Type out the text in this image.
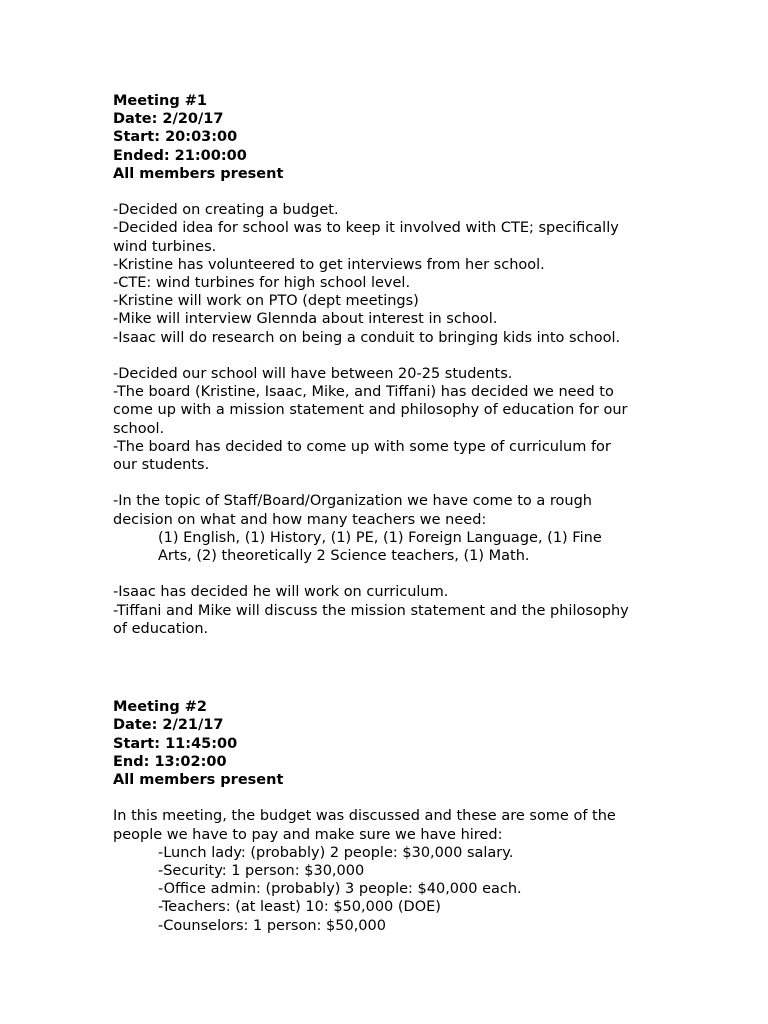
Meeting #1
Date: 2/20/17
Start: 20:03:00
Ended: 21:00:00
All members present
-Decided on creating a budget.
-Decided idea for school was to keep it involved with CTE; specifically
wind turbines.
-Kristine has volunteered to get interviews from her school.
-CTE: wind turbines for high school level.
-Kristine will work on PTO (dept meetings)
-Mike will interview Glennda about interest in school.
-Isaac will do research on being a conduit to bringing kids into school.
-Decided our school will have between 20-25 students.
-The board (Kristine, Isaac, Mike, and Tiffani) has decided we need to
come up with a mission statement and philosophy of education for our
school.
-The board has decided to come up with some type of curriculum for
our students.
-In the topic of Staff/Board/Organization we have come to a rough
decision on what and how many teachers we need:
(1) English, (1) History, (1) PE, (1) Foreign Language, (1) Fine
Arts, (2) theoretically 2 Science teachers, (1) Math.
-Isaac has decided he will work on curriculum.
-Tiffani and Mike will discuss the mission statement and the philosophy
of education.
Meeting #2
Date: 2/21/17
Start: 11:45:00
End: 13:02:00
All members present
In this meeting, the budget was discussed and these are some of the
people we have to pay and make sure we have hired:
-Lunch lady: (probably) 2 people: $30,000 salary.
-Security: 1 person: $30,000
-Office admin: (probably) 3 people: $40,000 each.
-Teachers: (at least) 10: $50,000 (DOE)
-Counselors: 1 person: $50,000
